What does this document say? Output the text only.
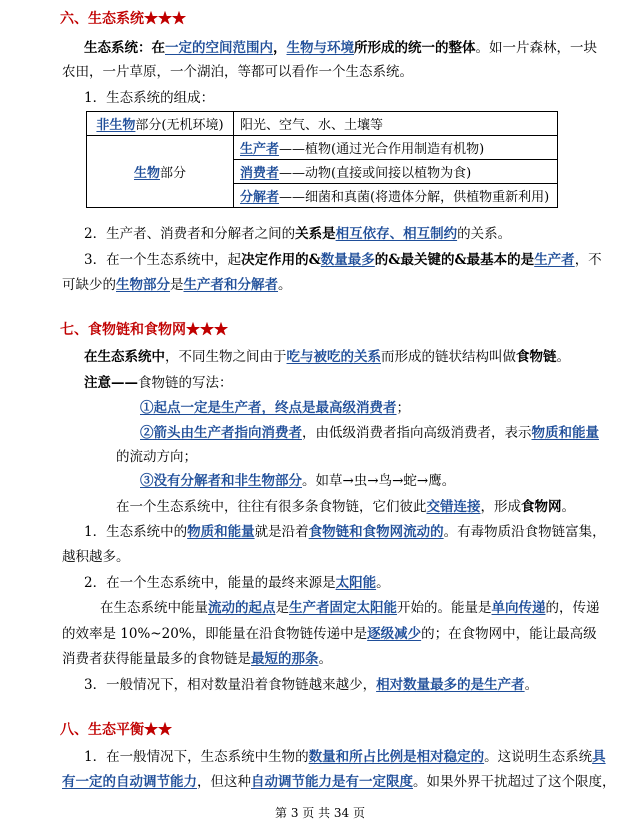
六、生态系统★★★
生态系统：在一定的空间范围内，生物与环境所形成的统一的整体。如一片森林，一块
农田，一片草原，一个湖泊，等都可以看作一个生态系统。
1．生态系统的组成：
非生物部分(无机环境)	阳光、空气、水、土壤等
生物部分	生产者——植物(通过光合作用制造有机物)
	消费者——动物(直接或间接以植物为食)
	分解者——细菌和真菌(将遗体分解，供植物重新利用)
2．生产者、消费者和分解者之间的关系是相互依存、相互制约的关系。
3．在一个生态系统中，起决定作用的&数量最多的&最关键的&最基本的是生产者，不
可缺少的生物部分是生产者和分解者。
七、食物链和食物网★★★
在生态系统中，不同生物之间由于吃与被吃的关系而形成的链状结构叫做食物链。
注意——食物链的写法：
①起点一定是生产者，终点是最高级消费者；
②箭头由生产者指向消费者，由低级消费者指向高级消费者，表示物质和能量
的流动方向；
③没有分解者和非生物部分。如草→虫→鸟→蛇→鹰。
在一个生态系统中，往往有很多条食物链，它们彼此交错连接，形成食物网。
1．生态系统中的物质和能量就是沿着食物链和食物网流动的。有毒物质沿食物链富集，
越积越多。
2．在一个生态系统中，能量的最终来源是太阳能。
在生态系统中能量流动的起点是生产者固定太阳能开始的。能量是单向传递的，传递
的效率是 10%~20%，即能量在沿食物链传递中是逐级减少的；在食物网中，能让最高级
消费者获得能量最多的食物链是最短的那条。
3．一般情况下，相对数量沿着食物链越来越少，相对数量最多的是生产者。
八、生态平衡★★
1．在一般情况下，生态系统中生物的数量和所占比例是相对稳定的。这说明生态系统具
有一定的自动调节能力，但这种自动调节能力是有一定限度。如果外界干扰超过了这个限度，
第 3 页 共 34 页
